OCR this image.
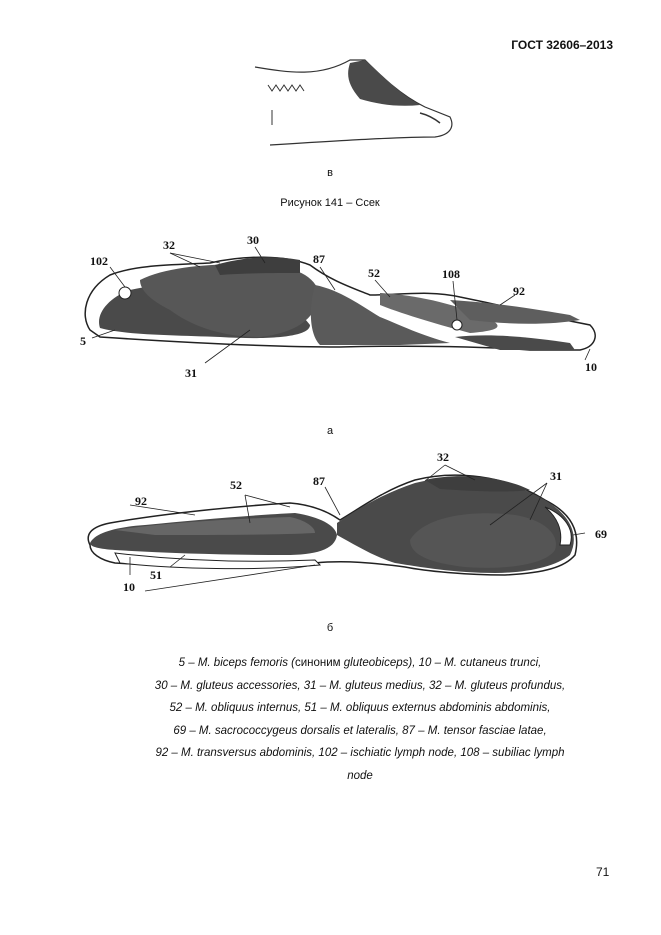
ГОСТ 32606–2013
в
Рисунок 141 – Ссек
102
32	30
87
52	108
92
5
31	10
а
92
52	87
32
31
69
51
10
б
5 – M. biceps femoris (синоним gluteobiceps), 10 – M. cutaneus trunci,
30 – M. gluteus accessories, 31 – M. gluteus medius, 32 – M. gluteus profundus,
52 – M. obliquus internus, 51 – M. obliquus externus abdominis abdominis,
69 – M. sacrococcygeus dorsalis et lateralis, 87 – M. tensor fasciae latae,
92 – M. transversus abdominis, 102 – ischiatic lymph node, 108 – subiliac lymph
node
71
